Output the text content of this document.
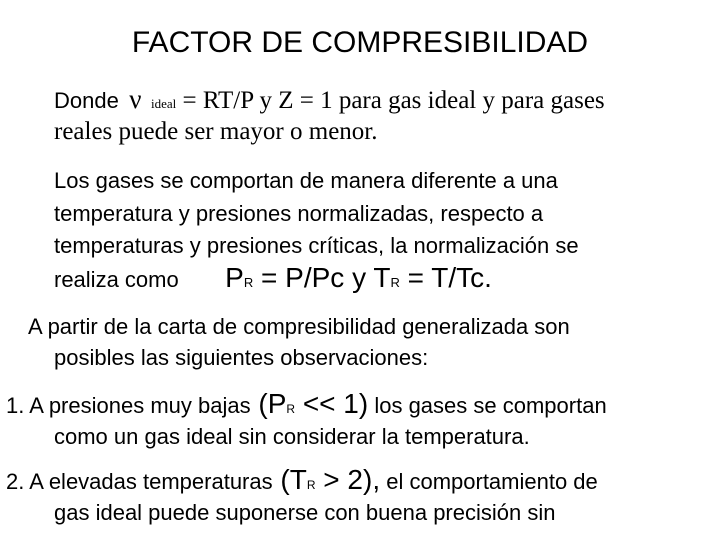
FACTOR DE COMPRESIBILIDAD
Donde ν ideal = RT/P y Z = 1 para gas ideal y para gases
reales puede ser mayor o menor.
Los gases se comportan de manera diferente a una
temperatura y presiones normalizadas, respecto a
temperaturas y presiones críticas, la normalización se
realiza como PR = P/Pc y TR = T/Tc.
A partir de la carta de compresibilidad generalizada son
posibles las siguientes observaciones:
1. A presiones muy bajas (PR << 1) los gases se comportan
como un gas ideal sin considerar la temperatura.
2. A elevadas temperaturas (TR > 2), el comportamiento de
gas ideal puede suponerse con buena precisión sin
